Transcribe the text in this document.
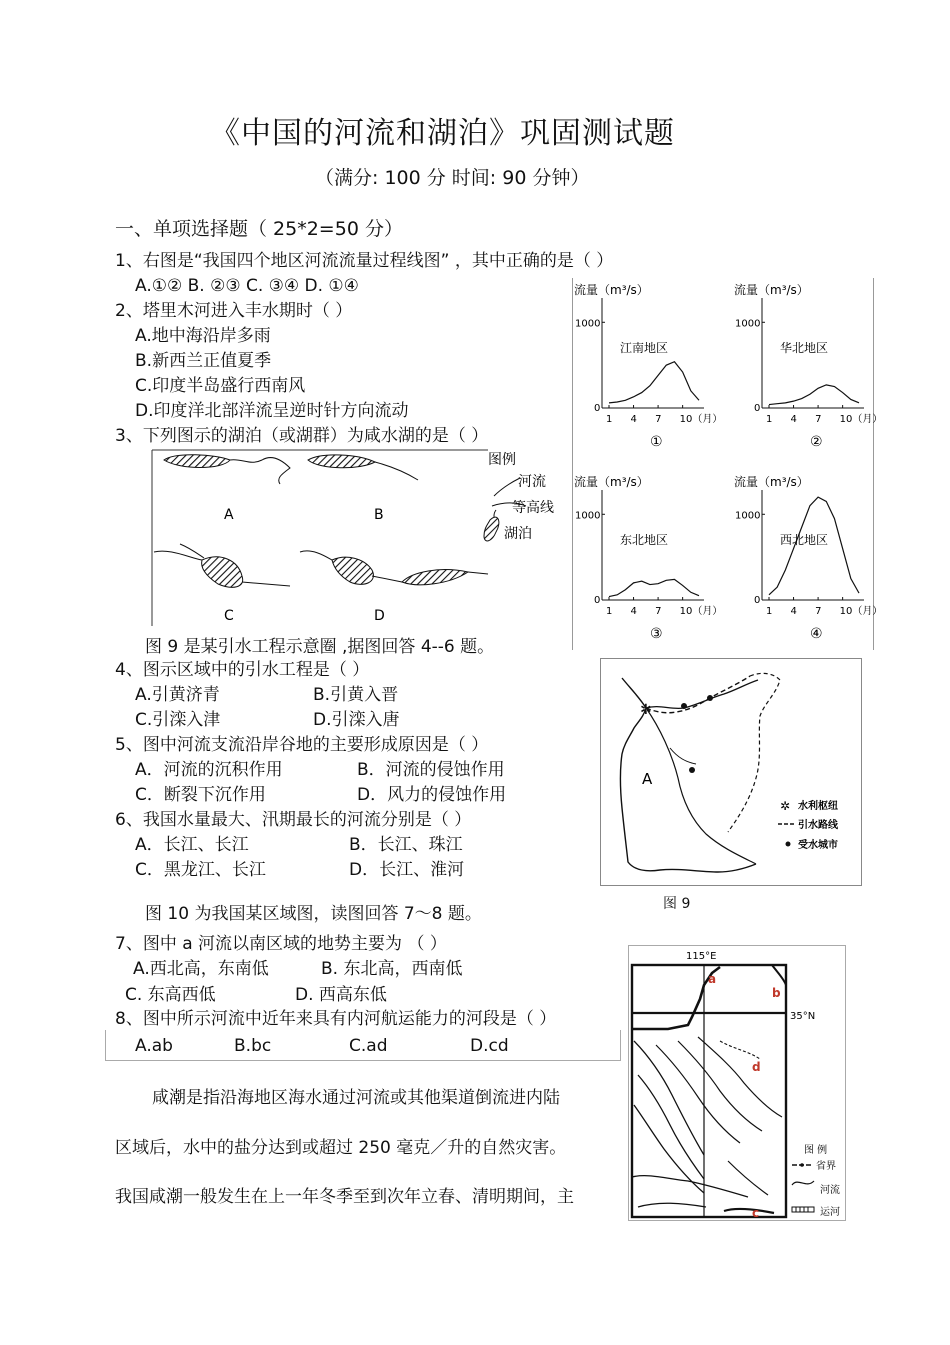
《中国的河流和湖泊》巩固测试题
（满分: 100 分 时间: 90 分钟）
一、单项选择题（ 25*2=50 分）
1、右图是“我国四个地区河流流量过程线图” ，其中正确的是（ ）
A.①② B. ②③ C. ③④ D. ①④
2、塔里木河进入丰水期时（ ）
A.地中海沿岸多雨
B.新西兰正值夏季
C.印度半岛盛行西南风
D.印度洋北部洋流呈逆时针方向流动
3、下列图示的湖泊（或湖群）为咸水湖的是（ ）
A	B
C	D
图例
河流
等高线
湖泊
流量（m³/s）
1000
0
1 4 7 10（月）
江南地区
①
流量（m³/s）
1000
0
1 4 7 10（月）
华北地区
②
流量（m³/s）
1000
0
1 4 7 10（月）
东北地区
③
流量（m³/s）
1000
0
1 4 7 10（月）
西北地区
④
图 9 是某引水工程示意圈 ,据图回答 4--6 题。
4、图示区域中的引水工程是（ ）
A.引黄济青	B.引黄入晋
C.引滦入津	D.引滦入唐
5、图中河流支流沿岸谷地的主要形成原因是（ ）
A．河流的沉积作用	B．河流的侵蚀作用
C．断裂下沉作用	D．风力的侵蚀作用
6、我国水量最大、汛期最长的河流分别是（ ）
A．长江、长江	B．长江、珠江
C．黑龙江、长江	D．长江、淮河
✲
A
✲ 水利枢纽
引水路线
受水城市
图 9
图 10 为我国某区域图，读图回答 7～8 题。
7、图中 a 河流以南区域的地势主要为 （ ）
A.西北高，东南低	B. 东北高，西南低
C. 东高西低	D. 西高东低
8、图中所示河流中近年来具有内河航运能力的河段是（ ）
A.ab	B.bc	C.ad	D.cd
115°E
35°N
a
b
d
c
图 例
省界
河流
运河
咸潮是指沿海地区海水通过河流或其他渠道倒流进内陆
区域后，水中的盐分达到或超过 250 毫克／升的自然灾害。
我国咸潮一般发生在上一年冬季至到次年立春、清明期间，主
